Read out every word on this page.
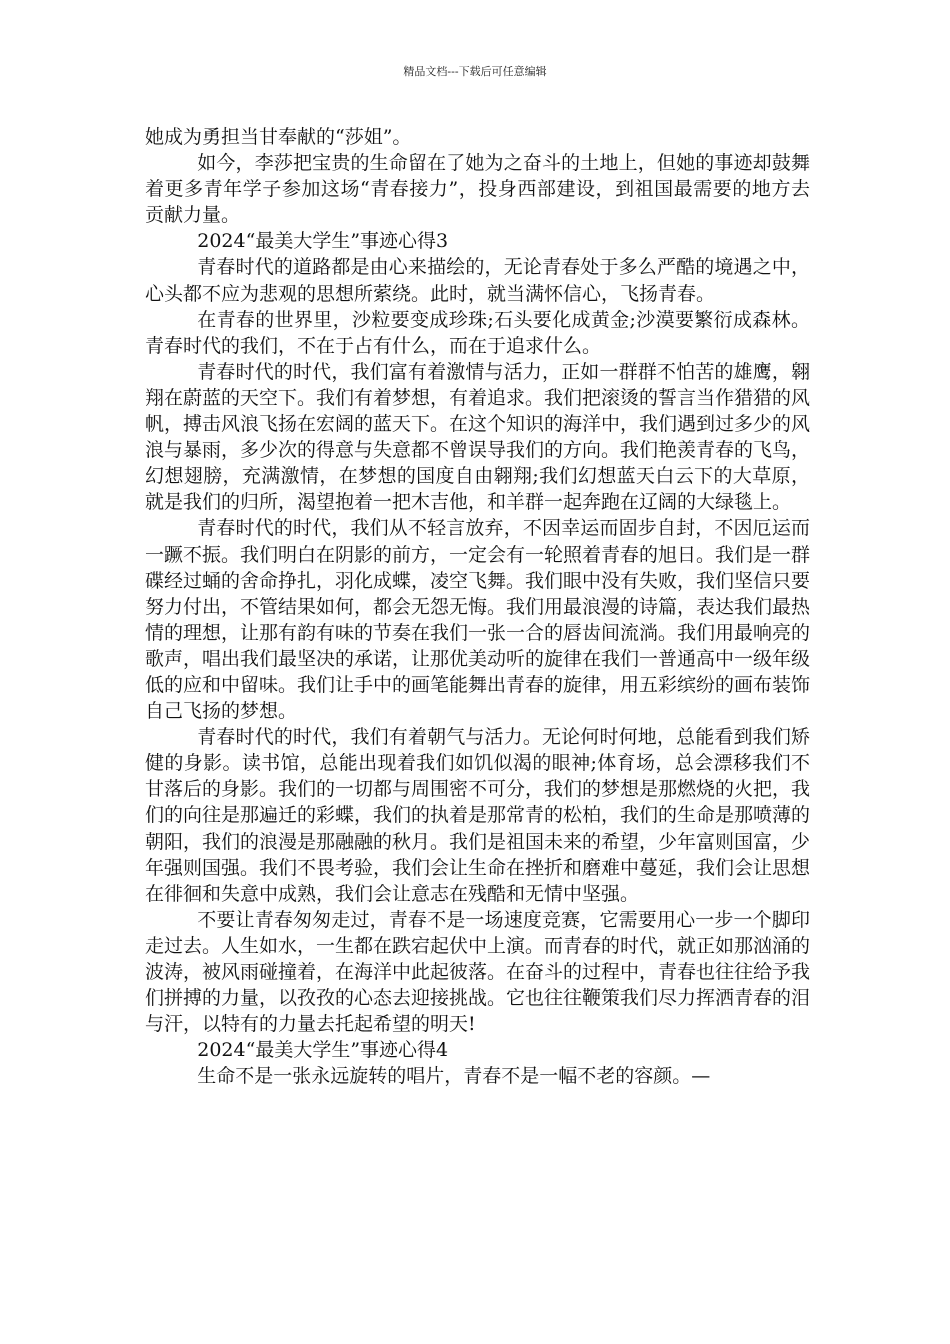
精品文档---下载后可任意编辑

她成为勇担当甘奉献的“莎姐”。

如今，李莎把宝贵的生命留在了她为之奋斗的土地上，但她的事迹却鼓舞着更多青年学子参加这场“青春接力”，投身西部建设，到祖国最需要的地方去贡献力量。

2024“最美大学生”事迹心得3

青春时代的道路都是由心来描绘的，无论青春处于多么严酷的境遇之中，心头都不应为悲观的思想所萦绕。此时，就当满怀信心，飞扬青春。

在青春的世界里，沙粒要变成珍珠;石头要化成黄金;沙漠要繁衍成森林。青春时代的我们，不在于占有什么，而在于追求什么。

青春时代的时代，我们富有着激情与活力，正如一群群不怕苦的雄鹰，翱翔在蔚蓝的天空下。我们有着梦想，有着追求。我们把滚烫的誓言当作猎猎的风帆，搏击风浪飞扬在宏阔的蓝天下。在这个知识的海洋中，我们遇到过多少的风浪与暴雨，多少次的得意与失意都不曾误导我们的方向。我们艳羡青春的飞鸟，幻想翅膀，充满激情，在梦想的国度自由翱翔;我们幻想蓝天白云下的大草原，就是我们的归所，渴望抱着一把木吉他，和羊群一起奔跑在辽阔的大绿毯上。

青春时代的时代，我们从不轻言放弃，不因幸运而固步自封，不因厄运而一蹶不振。我们明白在阴影的前方，一定会有一轮照着青春的旭日。我们是一群碟经过蛹的舍命挣扎，羽化成蝶，凌空飞舞。我们眼中没有失败，我们坚信只要努力付出，不管结果如何，都会无怨无悔。我们用最浪漫的诗篇，表达我们最热情的理想，让那有韵有味的节奏在我们一张一合的唇齿间流淌。我们用最响亮的歌声，唱出我们最坚决的承诺，让那优美动听的旋律在我们一普通高中一级年级低的应和中留味。我们让手中的画笔能舞出青春的旋律，用五彩缤纷的画布装饰自己飞扬的梦想。

青春时代的时代，我们有着朝气与活力。无论何时何地，总能看到我们矫健的身影。读书馆，总能出现着我们如饥似渴的眼神;体育场，总会漂移我们不甘落后的身影。我们的一切都与周围密不可分，我们的梦想是那燃烧的火把，我们的向往是那遍迁的彩蝶，我们的执着是那常青的松柏，我们的生命是那喷薄的朝阳，我们的浪漫是那融融的秋月。我们是祖国未来的希望，少年富则国富，少年强则国强。我们不畏考验，我们会让生命在挫折和磨难中蔓延，我们会让思想在徘徊和失意中成熟，我们会让意志在残酷和无情中坚强。

不要让青春匆匆走过，青春不是一场速度竞赛，它需要用心一步一个脚印走过去。人生如水，一生都在跌宕起伏中上演。而青春的时代，就正如那汹涌的波涛，被风雨碰撞着，在海洋中此起彼落。在奋斗的过程中，青春也往往给予我们拼搏的力量，以孜孜的心态去迎接挑战。它也往往鞭策我们尽力挥洒青春的泪与汗，以特有的力量去托起希望的明天!

2024“最美大学生”事迹心得4

生命不是一张永远旋转的唱片，青春不是一幅不老的容颜。—
